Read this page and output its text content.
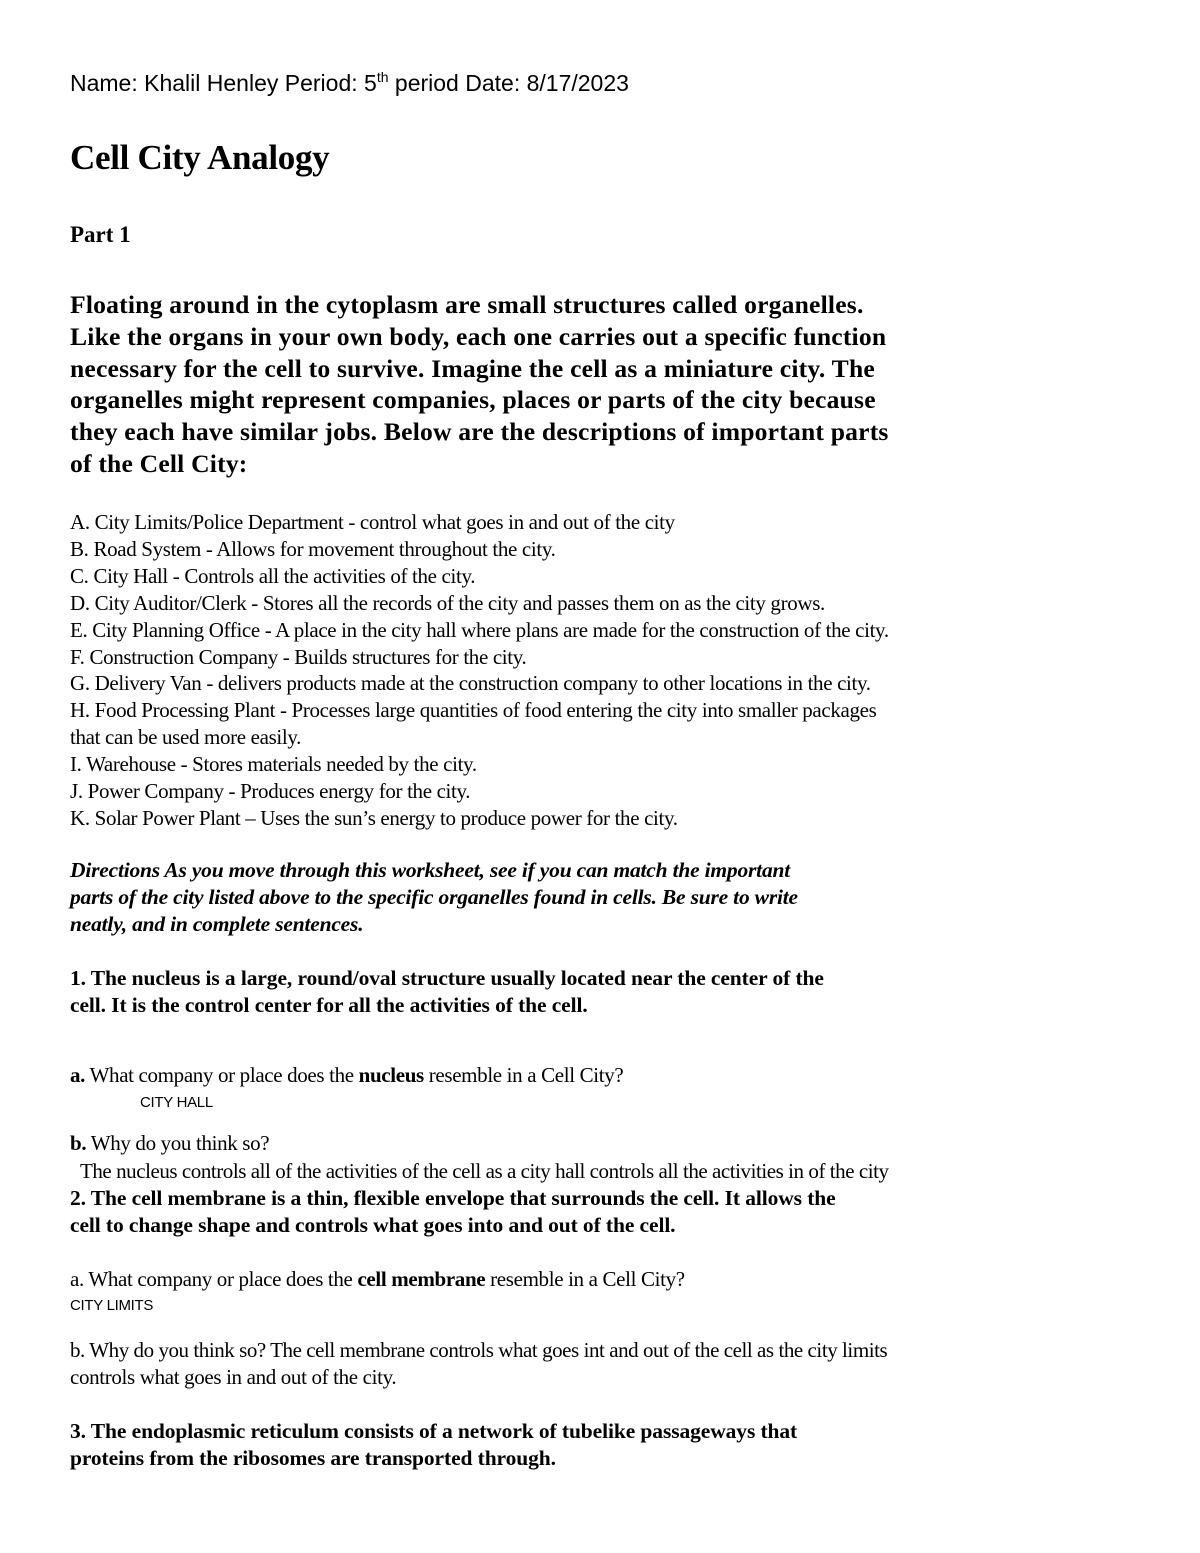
Name: Khalil Henley Period: 5th period Date: 8/17/2023
Cell City Analogy
Part 1
Floating around in the cytoplasm are small structures called organelles.
Like the organs in your own body, each one carries out a specific function
necessary for the cell to survive. Imagine the cell as a miniature city. The
organelles might represent companies, places or parts of the city because
they each have similar jobs. Below are the descriptions of important parts
of the Cell City:
A. City Limits/Police Department - control what goes in and out of the city
B. Road System - Allows for movement throughout the city.
C. City Hall - Controls all the activities of the city.
D. City Auditor/Clerk - Stores all the records of the city and passes them on as the city grows.
E. City Planning Office - A place in the city hall where plans are made for the construction of the city.
F. Construction Company - Builds structures for the city.
G. Delivery Van - delivers products made at the construction company to other locations in the city.
H. Food Processing Plant - Processes large quantities of food entering the city into smaller packages
that can be used more easily.
I. Warehouse - Stores materials needed by the city.
J. Power Company - Produces energy for the city.
K. Solar Power Plant – Uses the sun’s energy to produce power for the city.
Directions As you move through this worksheet, see if you can match the important
parts of the city listed above to the specific organelles found in cells. Be sure to write
neatly, and in complete sentences.
1. The nucleus is a large, round/oval structure usually located near the center of the
cell. It is the control center for all the activities of the cell.
a. What company or place does the nucleus resemble in a Cell City?
CITY HALL
b. Why do you think so?
The nucleus controls all of the activities of the cell as a city hall controls all the activities in of the city
2. The cell membrane is a thin, flexible envelope that surrounds the cell. It allows the
cell to change shape and controls what goes into and out of the cell.
a. What company or place does the cell membrane resemble in a Cell City?
CITY LIMITS
b. Why do you think so? The cell membrane controls what goes int and out of the cell as the city limits
controls what goes in and out of the city.
3. The endoplasmic reticulum consists of a network of tubelike passageways that
proteins from the ribosomes are transported through.
